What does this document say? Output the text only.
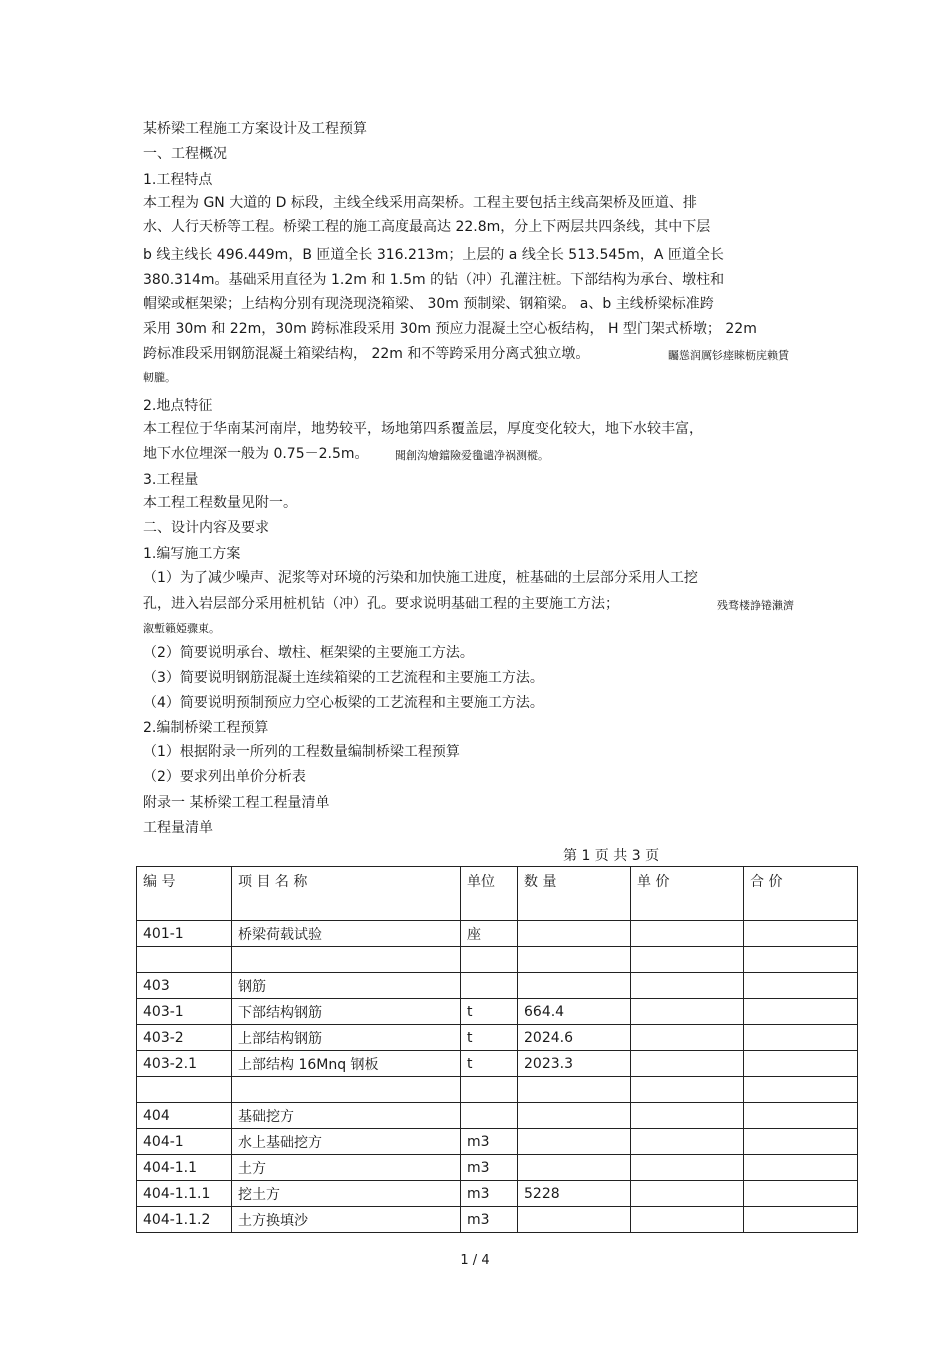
某桥梁工程施工方案设计及工程预算
一、工程概况
1.工程特点
本工程为 GN 大道的 D 标段，主线全线采用高架桥。工程主要包括主线高架桥及匝道、排
水、人行天桥等工程。桥梁工程的施工高度最高达 22.8m，分上下两层共四条线，其中下层
b 线主线长 496.449m，B 匝道全长 316.213m；上层的 a 线全长 513.545m，A 匝道全长
380.314m。基础采用直径为 1.2m 和 1.5m 的钻（冲）孔灌注桩。下部结构为承台、墩柱和
帽梁或框架梁；上结构分别有现浇现浇箱梁、 30m 预制梁、钢箱梁。 a、b 主线桥梁标准跨
采用 30m 和 22m，30m 跨标准段采用 30m 预应力混凝土空心板结构， H 型门架式桥墩； 22m
跨标准段采用钢筋混凝土箱梁结构， 22m 和不等跨采用分离式独立墩。	矚慫润厲钐瘗睞枥庑赖賃
軔朧。
2.地点特征
本工程位于华南某河南岸，地势较平，场地第四系覆盖层，厚度变化较大，地下水较丰富，
地下水位埋深一般为 0.75－2.5m。 聞創沟燴鐺險爱氇谴净祸测樅。
3.工程量
本工程工程数量见附一。
二、设计内容及要求
1.编写施工方案
（1）为了减少噪声、泥浆等对环境的污染和加快施工进度，桩基础的土层部分采用人工挖
孔，进入岩层部分采用桩机钻（冲）孔。要求说明基础工程的主要施工方法；	残骛楼諍锩瀨濟
溆塹籟婭骤東。
（2）简要说明承台、墩柱、框架梁的主要施工方法。
（3）简要说明钢筋混凝土连续箱梁的工艺流程和主要施工方法。
（4）简要说明预制预应力空心板梁的工艺流程和主要施工方法。
2.编制桥梁工程预算
（1）根据附录一所列的工程数量编制桥梁工程预算
（2）要求列出单价分析表
附录一 某桥梁工程工程量清单
工程量清单
第 1 页 共 3 页
编 号	项 目 名 称	单位	数 量	单 价	合 价
401-1	桥梁荷载试验	座			

403	钢筋				
403-1	下部结构钢筋	t	664.4		
403-2	上部结构钢筋	t	2024.6		
403-2.1	上部结构 16Mnq 钢板	t	2023.3		

404	基础挖方				
404-1	水上基础挖方	m3			
404-1.1	土方	m3			
404-1.1.1	挖土方	m3	5228		
404-1.1.2	土方换填沙	m3			
1 / 4
